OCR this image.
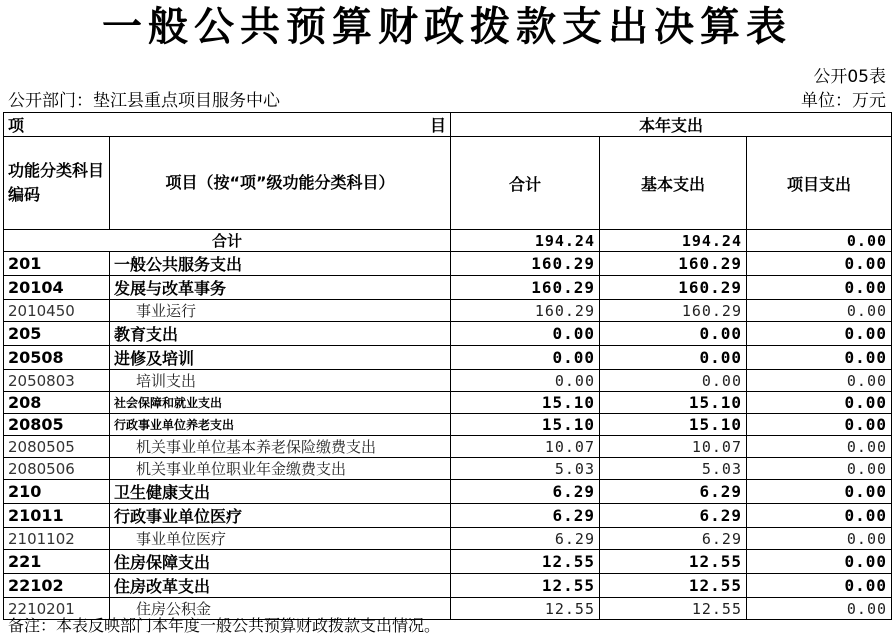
一般公共预算财政拨款支出决算表
公开05表
公开部门：垫江县重点项目服务中心	单位：万元
项 目		本年支出		
功能分类科目编码	项目（按“项”级功能分类科目）	合计	基本支出	项目支出
合计		194.24	194.24	0.00
201	一般公共服务支出	160.29	160.29	0.00
20104	发展与改革事务	160.29	160.29	0.00
2010450	事业运行	160.29	160.29	0.00
205	教育支出	0.00	0.00	0.00
20508	进修及培训	0.00	0.00	0.00
2050803	培训支出	0.00	0.00	0.00
208	社会保障和就业支出	15.10	15.10	0.00
20805	行政事业单位养老支出	15.10	15.10	0.00
2080505	机关事业单位基本养老保险缴费支出	10.07	10.07	0.00
2080506	机关事业单位职业年金缴费支出	5.03	5.03	0.00
210	卫生健康支出	6.29	6.29	0.00
21011	行政事业单位医疗	6.29	6.29	0.00
2101102	事业单位医疗	6.29	6.29	0.00
221	住房保障支出	12.55	12.55	0.00
22102	住房改革支出	12.55	12.55	0.00
2210201	住房公积金	12.55	12.55	0.00
备注：本表反映部门本年度一般公共预算财政拨款支出情况。
